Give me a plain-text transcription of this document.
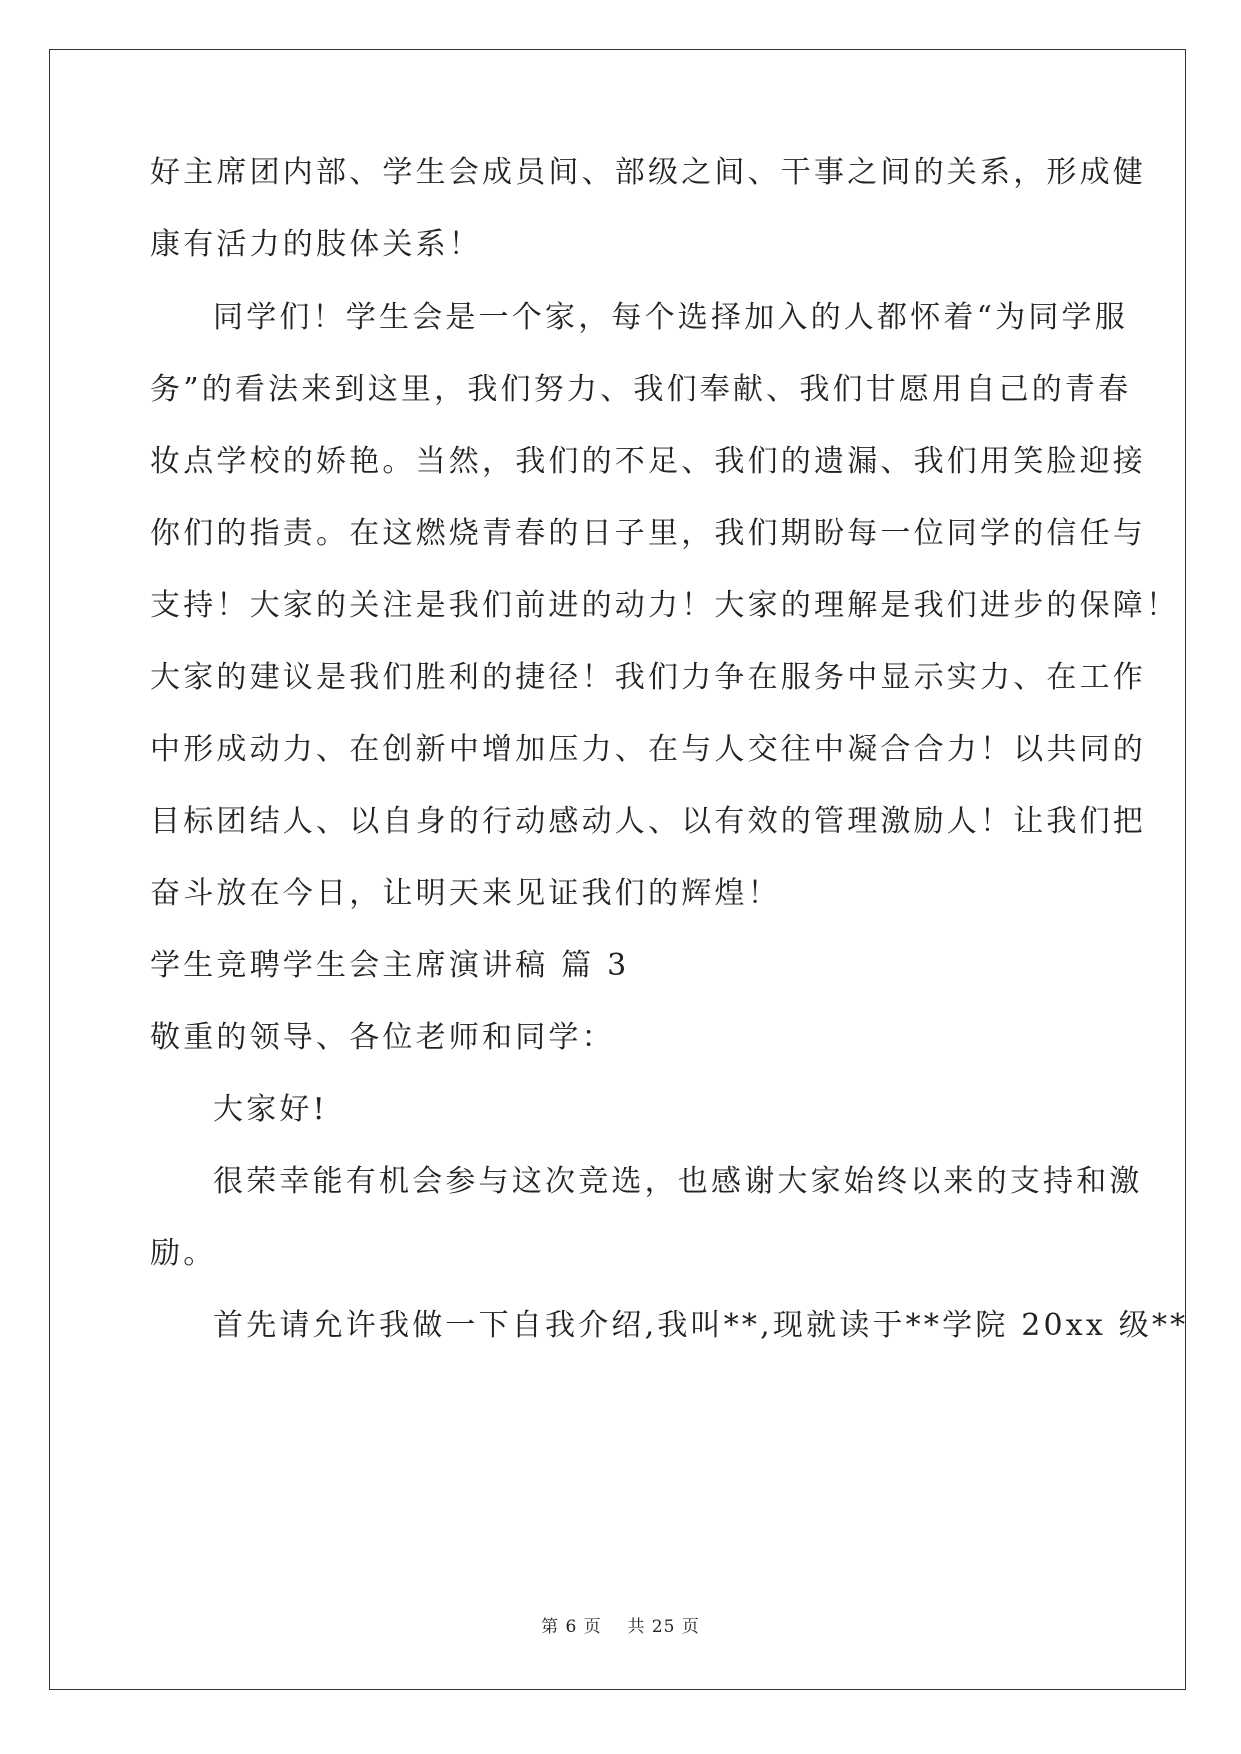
好主席团内部、学生会成员间、部级之间、干事之间的关系，形成健
康有活力的肢体关系！
同学们！学生会是一个家，每个选择加入的人都怀着“为同学服
务”的看法来到这里，我们努力、我们奉献、我们甘愿用自己的青春
妆点学校的娇艳。当然，我们的不足、我们的遗漏、我们用笑脸迎接
你们的指责。在这燃烧青春的日子里，我们期盼每一位同学的信任与
支持！大家的关注是我们前进的动力！大家的理解是我们进步的保障！
大家的建议是我们胜利的捷径！我们力争在服务中显示实力、在工作
中形成动力、在创新中增加压力、在与人交往中凝合合力！以共同的
目标团结人、以自身的行动感动人、以有效的管理激励人！让我们把
奋斗放在今日，让明天来见证我们的辉煌！
学生竞聘学生会主席演讲稿 篇 3
敬重的领导、各位老师和同学：
大家好!
很荣幸能有机会参与这次竞选，也感谢大家始终以来的支持和激
励。
首先请允许我做一下自我介绍,我叫**,现就读于**学院 20xx 级**
第 6 页 共 25 页
